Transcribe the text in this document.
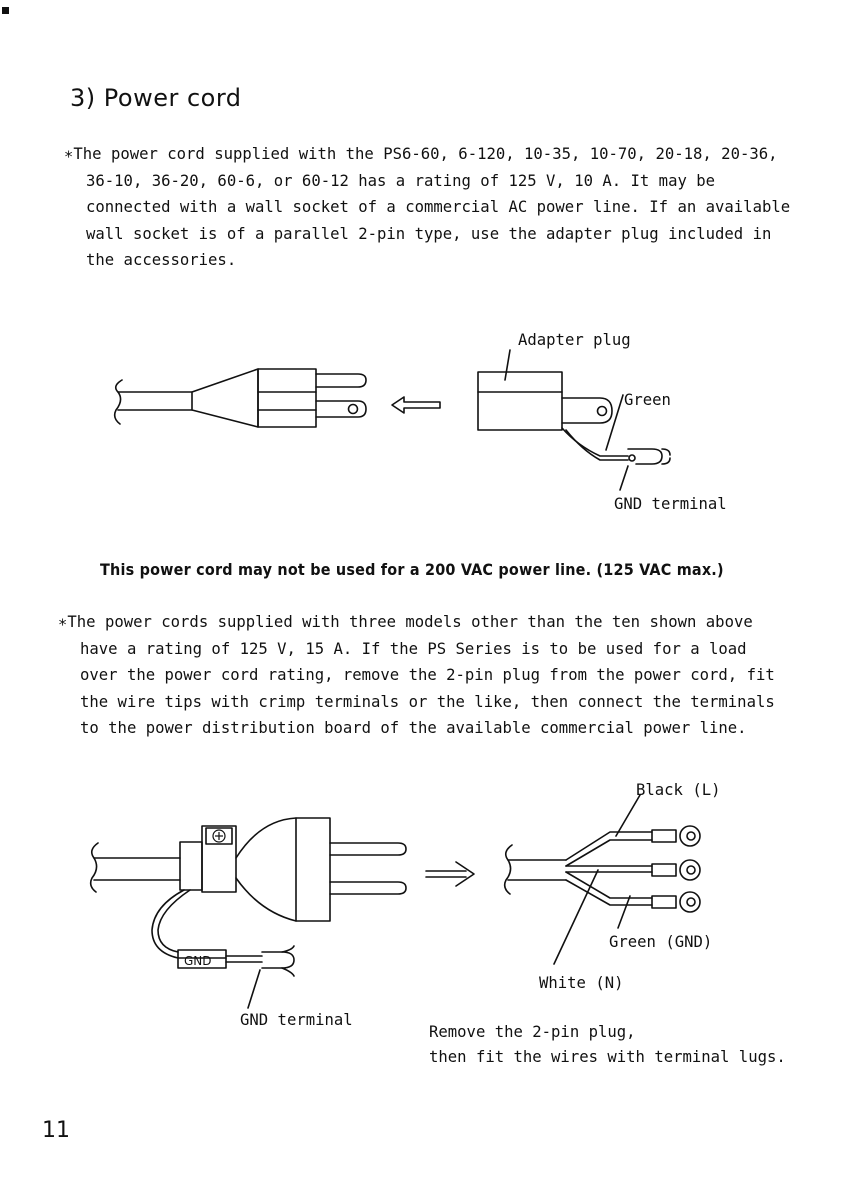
3) Power cord
∗The power cord supplied with the PS6-60, 6-120, 10-35, 10-70, 20-18, 20-36,
36-10, 36-20, 60-6, or 60-12 has a rating of 125 V, 10 A. It may be
connected with a wall socket of a commercial AC power line. If an available
wall socket is of a parallel 2-pin type, use the adapter plug included in
the accessories.
This power cord may not be used for a 200 VAC power line. (125 VAC max.)
∗The power cords supplied with three models other than the ten shown above
have a rating of 125 V, 15 A. If the PS Series is to be used for a load
over the power cord rating, remove the 2-pin plug from the power cord, fit
the wire tips with crimp terminals or the like, then connect the terminals
to the power distribution board of the available commercial power line.
Adapter plug
Green
GND terminal
GND
GND terminal
Black (L)
Green (GND)
White (N)
Remove the 2-pin plug,
then fit the wires with terminal lugs.
11
